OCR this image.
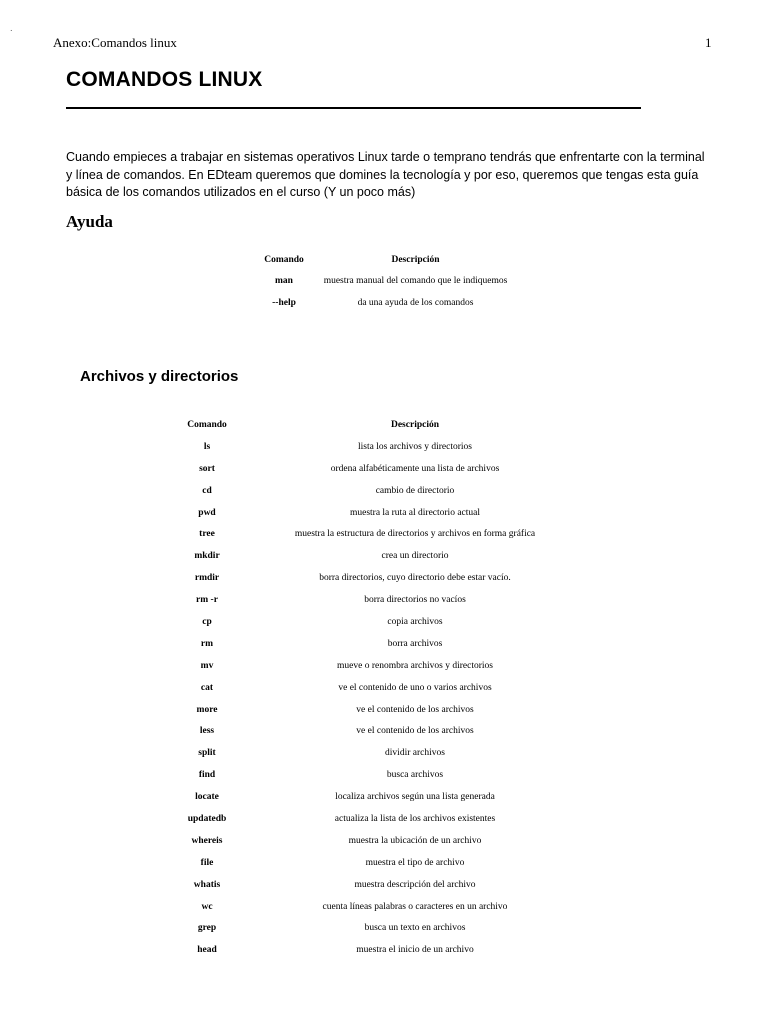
.
Anexo:Comandos linux	1
COMANDOS LINUX

Cuando empieces a trabajar en sistemas operativos Linux tarde o temprano tendrás que enfrentarte con la terminal y línea de comandos. En EDteam queremos que domines la tecnología y por eso, queremos que tengas esta guía básica de los comandos utilizados en el curso (Y un poco más)

Ayuda
Comando	Descripción
man	muestra manual del comando que le indiquemos
--help	da una ayuda de los comandos
Archivos y directorios
Comando	Descripción
ls	lista los archivos y directorios
sort	ordena alfabéticamente una lista de archivos
cd	cambio de directorio
pwd	muestra la ruta al directorio actual
tree	muestra la estructura de directorios y archivos en forma gráfica
mkdir	crea un directorio
rmdir	borra directorios, cuyo directorio debe estar vacío.
rm -r	borra directorios no vacíos
cp	copia archivos
rm	borra archivos
mv	mueve o renombra archivos y directorios
cat	ve el contenido de uno o varios archivos
more	ve el contenido de los archivos
less	ve el contenido de los archivos
split	dividir archivos
find	busca archivos
locate	localiza archivos según una lista generada
updatedb	actualiza la lista de los archivos existentes
whereis	muestra la ubicación de un archivo
file	muestra el tipo de archivo
whatis	muestra descripción del archivo
wc	cuenta líneas palabras o caracteres en un archivo
grep	busca un texto en archivos
head	muestra el inicio de un archivo
